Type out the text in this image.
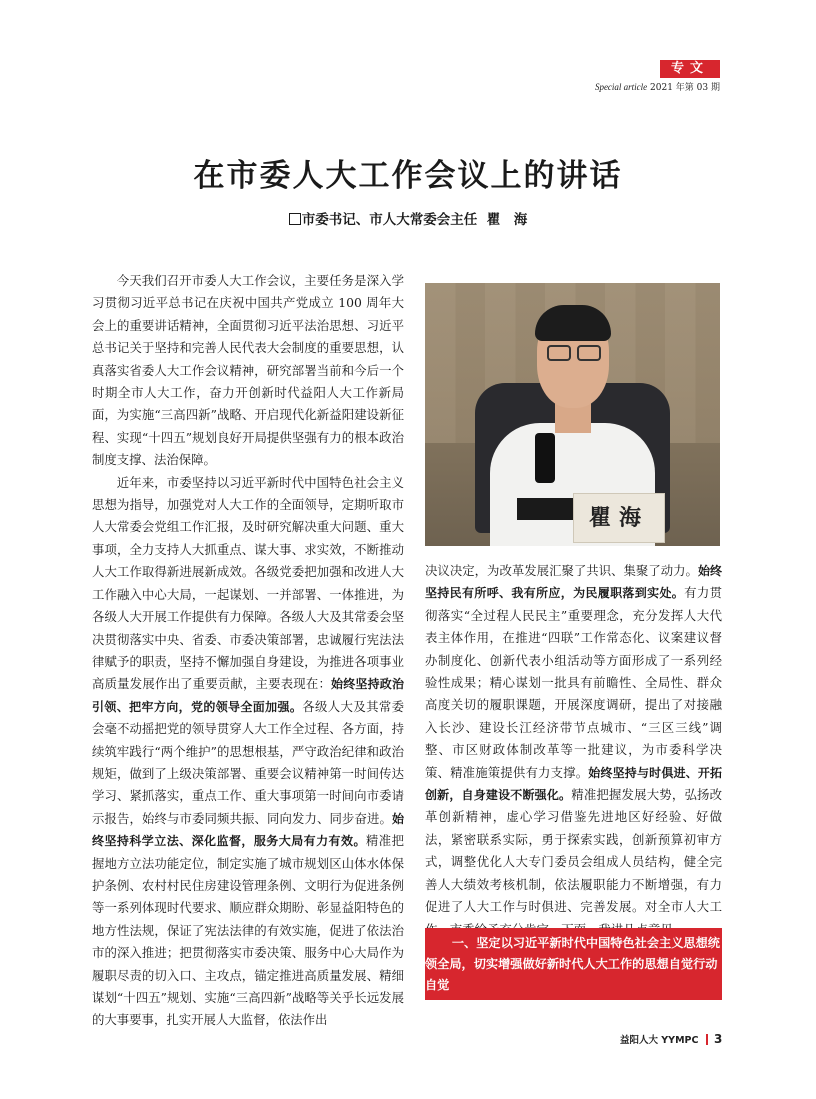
专文
Special article 2021 年第 03 期
在市委人大工作会议上的讲话
市委书记、市人大常委会主任 瞿　海

今天我们召开市委人大工作会议，主要任务是深入学习贯彻习近平总书记在庆祝中国共产党成立 100 周年大会上的重要讲话精神，全面贯彻习近平法治思想、习近平总书记关于坚持和完善人民代表大会制度的重要思想，认真落实省委人大工作会议精神，研究部署当前和今后一个时期全市人大工作，奋力开创新时代益阳人大工作新局面，为实施“三高四新”战略、开启现代化新益阳建设新征程、实现“十四五”规划良好开局提供坚强有力的根本政治制度支撑、法治保障。

近年来，市委坚持以习近平新时代中国特色社会主义思想为指导，加强党对人大工作的全面领导，定期听取市人大常委会党组工作汇报，及时研究解决重大问题、重大事项，全力支持人大抓重点、谋大事、求实效，不断推动人大工作取得新进展新成效。各级党委把加强和改进人大工作融入中心大局，一起谋划、一并部署、一体推进，为各级人大开展工作提供有力保障。各级人大及其常委会坚决贯彻落实中央、省委、市委决策部署，忠诚履行宪法法律赋予的职责，坚持不懈加强自身建设，为推进各项事业高质量发展作出了重要贡献，主要表现在：始终坚持政治引领、把牢方向，党的领导全面加强。各级人大及其常委会毫不动摇把党的领导贯穿人大工作全过程、各方面，持续筑牢践行“两个维护”的思想根基，严守政治纪律和政治规矩，做到了上级决策部署、重要会议精神第一时间传达学习、紧抓落实，重点工作、重大事项第一时间向市委请示报告，始终与市委同频共振、同向发力、同步奋进。始终坚持科学立法、深化监督，服务大局有力有效。精准把握地方立法功能定位，制定实施了城市规划区山体水体保护条例、农村村民住房建设管理条例、文明行为促进条例等一系列体现时代要求、顺应群众期盼、彰显益阳特色的地方性法规，保证了宪法法律的有效实施，促进了依法治市的深入推进；把贯彻落实市委决策、服务中心大局作为履职尽责的切入口、主攻点，锚定推进高质量发展、精细谋划“十四五”规划、实施“三高四新”战略等关乎长远发展的大事要事，扎实开展人大监督，依法作出

瞿海

决议决定，为改革发展汇聚了共识、集聚了动力。始终坚持民有所呼、我有所应，为民履职落到实处。有力贯彻落实“全过程人民民主”重要理念，充分发挥人大代表主体作用，在推进“四联”工作常态化、议案建议督办制度化、创新代表小组活动等方面形成了一系列经验性成果；精心谋划一批具有前瞻性、全局性、群众高度关切的履职课题，开展深度调研，提出了对接融入长沙、建设长江经济带节点城市、“三区三线”调整、市区财政体制改革等一批建议，为市委科学决策、精准施策提供有力支撑。始终坚持与时俱进、开拓创新，自身建设不断强化。精准把握发展大势，弘扬改革创新精神，虚心学习借鉴先进地区好经验、好做法，紧密联系实际，勇于探索实践，创新预算初审方式，调整优化人大专门委员会组成人员结构，健全完善人大绩效考核机制，依法履职能力不断增强，有力促进了人大工作与时俱进、完善发展。对全市人大工

一、坚定以习近平新时代中国特色社会主义思想统领全局，切实增强做好新时代人大工作的思想自觉行动自觉

益阳人大 YYMPC 3
